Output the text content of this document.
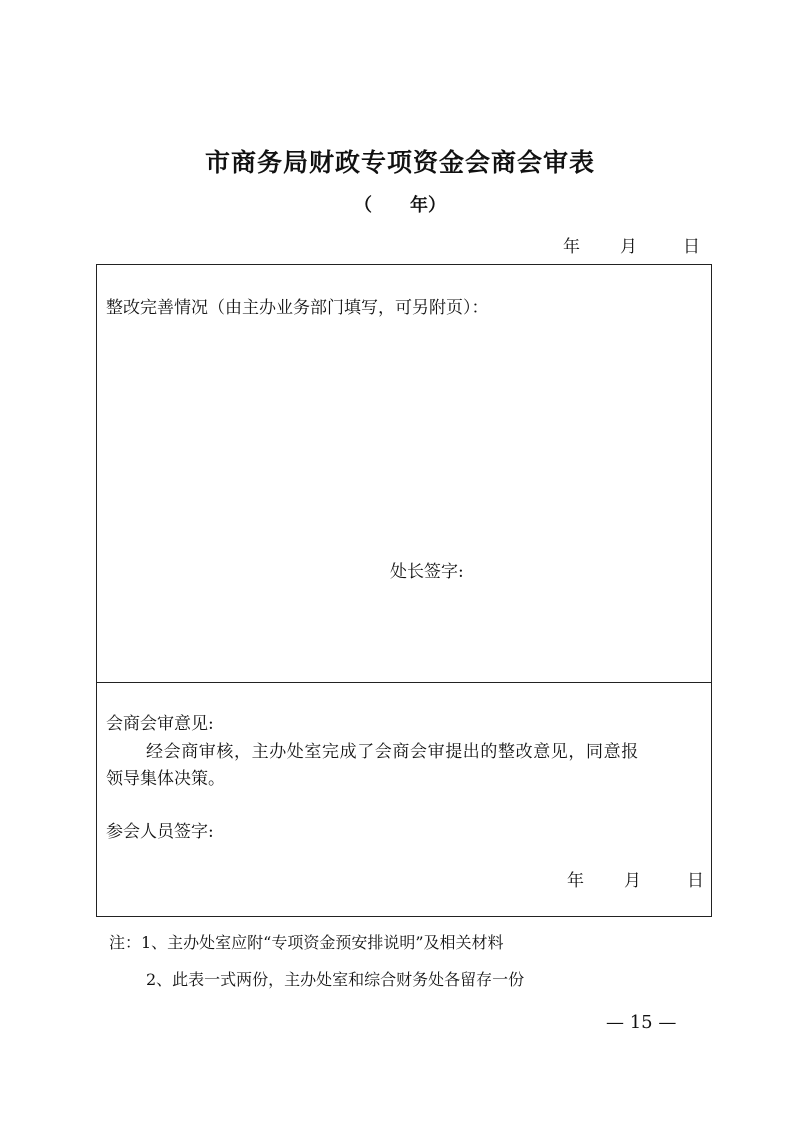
市商务局财政专项资金会商会审表
（ 年）
年 月	日
整改完善情况（由主办业务部门填写，可另附页）：
处长签字:
会商会审意见:
经会商审核，主办处室完成了会商会审提出的整改意见，同意报
领导集体决策。
参会人员签字:
年 月	日
注：1、主办处室应附“专项资金预安排说明”及相关材料
2、此表一式两份，主办处室和综合财务处各留存一份
— 15 —
